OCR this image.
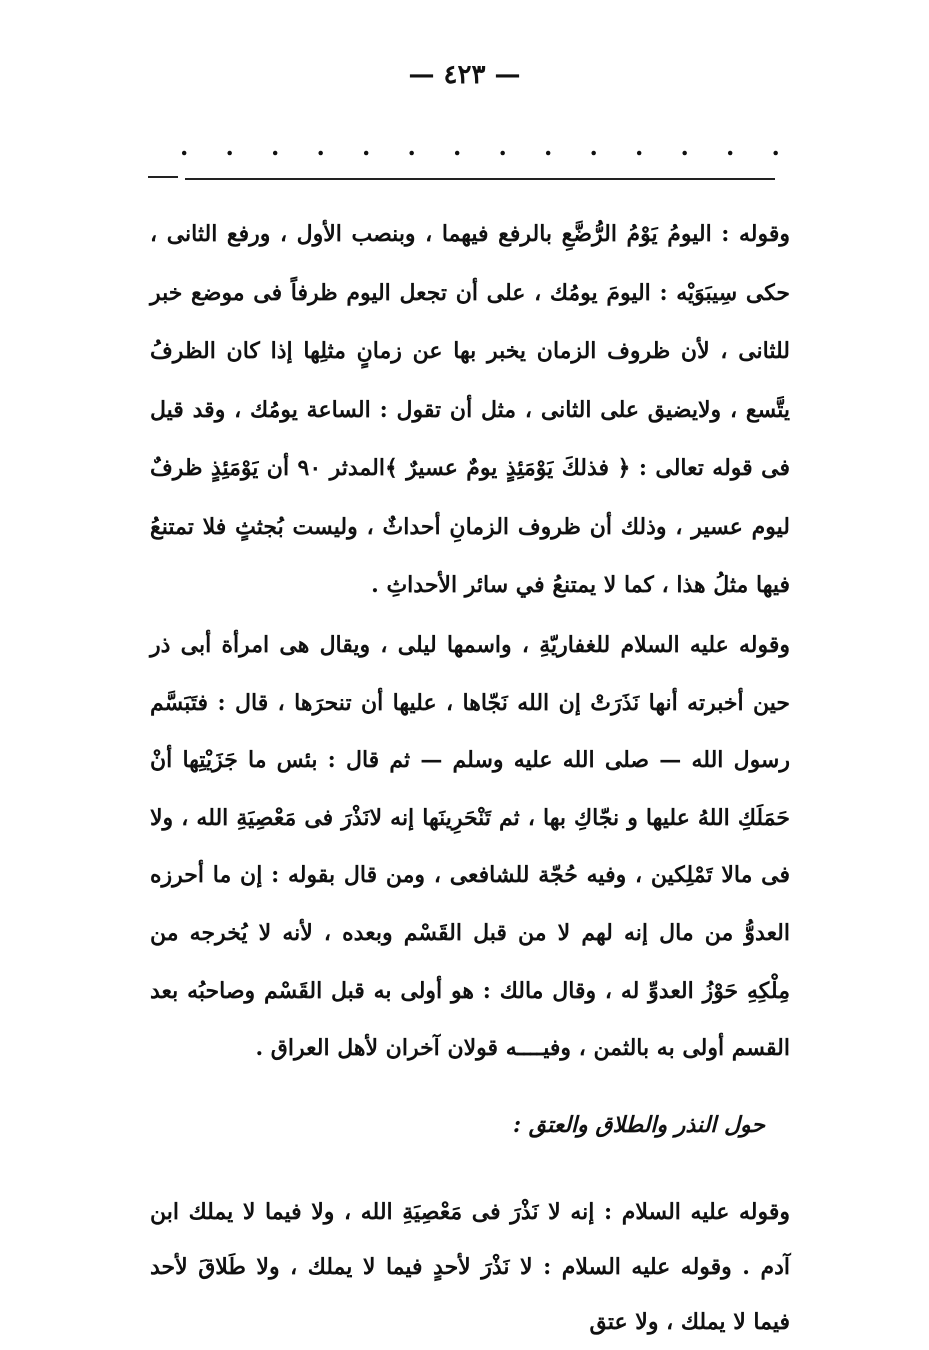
— ٤٢٣ —
. . . . . . . . . . . . . .

وقوله : اليومُ يَوْمُ الرُّضَّعِ بالرفع فيهما ، وبنصب الأول ، ورفع الثانى ، حكى سِيبَوَيْه : اليومَ يومُك ، على أن تجعل اليوم ظرفاً فى موضع خبر للثانى ، لأن ظروف الزمان يخبر بها عن زمانٍ مثلِها إذا كان الظرفُ يتَّسع ، ولايضيق على الثانى ، مثل أن تقول : الساعة يومُك ، وقد قيل فى قوله تعالى : ﴿ فذلكَ يَوْمَئِذٍ يومٌ عسيرٌ ﴾المدثر ٩٠ أن يَوْمَئِذٍ ظرفٌ ليوم عسير ، وذلك أن ظروف الزمانِ أحداثٌ ، وليست بُجثثٍ فلا تمتنعُ فيها مثلُ هذا ، كما لا يمتنعُ في سائر الأحداثِ .

وقوله عليه السلام للغفاريّةِ ، واسمها ليلى ، ويقال هى امرأة أبى ذر حين أخبرته أنها نَذَرَتْ إن الله نَجّاها ، عليها أن تنحرَها ، قال : فتَبَسَّم رسول الله — صلى الله عليه وسلم — ثم قال : بئس ما جَزَيْتِها أنْ حَمَلَكِ اللهُ عليها و نجّاكِ بها ، ثم تَنْحَرِينَها إنه لانَذْرَ فى مَعْصِيَةِ الله ، ولا فى مالا تَمْلِكين ، وفيه حُجّة للشافعى ، ومن قال بقوله : إن ما أحرزه العدوُّ من مال إنه لهم لا من قبل القَسْم وبعده ، لأنه لا يُخرجه من مِلْكِهِ حَوْزُ العدوِّ له ، وقال مالك : هو أولى به قبل القَسْم وصاحبُه بعد القسم أولى به بالثمن ، وفيــــه قولان آخران لأهل العراق .

حول النذر والطلاق والعتق :

وقوله عليه السلام : إنه لا نَذْرَ فى مَعْصِيَةِ الله ، ولا فيما لا يملك ابن آدم . وقوله عليه السلام : لا نَذْرَ لأحدٍ فيما لا يملك ، ولا طَلاقَ لأحد فيما لا يملك ، ولا عتق
